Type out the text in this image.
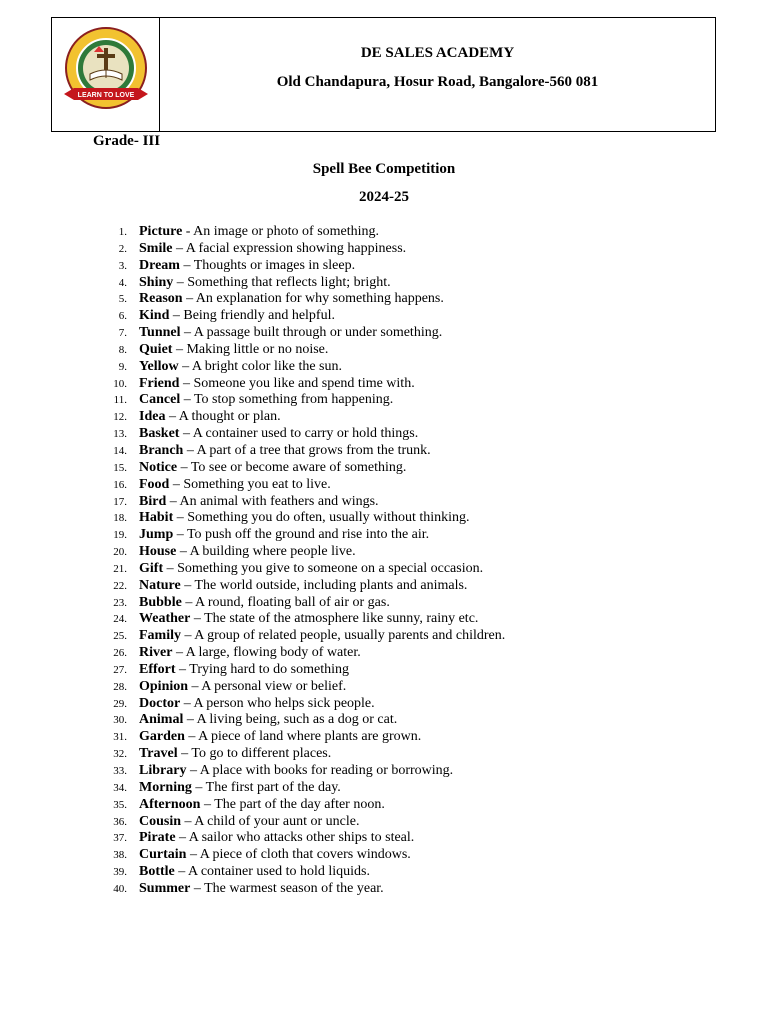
LEARN TO LOVE
DE SALES ACADEMY
Old Chandapura, Hosur Road, Bangalore-560 081
Grade- III
Spell Bee Competition
2024-25
1. Picture - An image or photo of something.
2. Smile – A facial expression showing happiness.
3. Dream – Thoughts or images in sleep.
4. Shiny – Something that reflects light; bright.
5. Reason – An explanation for why something happens.
6. Kind – Being friendly and helpful.
7. Tunnel – A passage built through or under something.
8. Quiet – Making little or no noise.
9. Yellow – A bright color like the sun.
10. Friend – Someone you like and spend time with.
11. Cancel – To stop something from happening.
12. Idea – A thought or plan.
13. Basket – A container used to carry or hold things.
14. Branch – A part of a tree that grows from the trunk.
15. Notice – To see or become aware of something.
16. Food – Something you eat to live.
17. Bird – An animal with feathers and wings.
18. Habit – Something you do often, usually without thinking.
19. Jump – To push off the ground and rise into the air.
20. House – A building where people live.
21. Gift – Something you give to someone on a special occasion.
22. Nature – The world outside, including plants and animals.
23. Bubble – A round, floating ball of air or gas.
24. Weather – The state of the atmosphere like sunny, rainy etc.
25. Family – A group of related people, usually parents and children.
26. River – A large, flowing body of water.
27. Effort – Trying hard to do something
28. Opinion – A personal view or belief.
29. Doctor – A person who helps sick people.
30. Animal – A living being, such as a dog or cat.
31. Garden – A piece of land where plants are grown.
32. Travel – To go to different places.
33. Library – A place with books for reading or borrowing.
34. Morning – The first part of the day.
35. Afternoon – The part of the day after noon.
36. Cousin – A child of your aunt or uncle.
37. Pirate – A sailor who attacks other ships to steal.
38. Curtain – A piece of cloth that covers windows.
39. Bottle – A container used to hold liquids.
40. Summer – The warmest season of the year.
